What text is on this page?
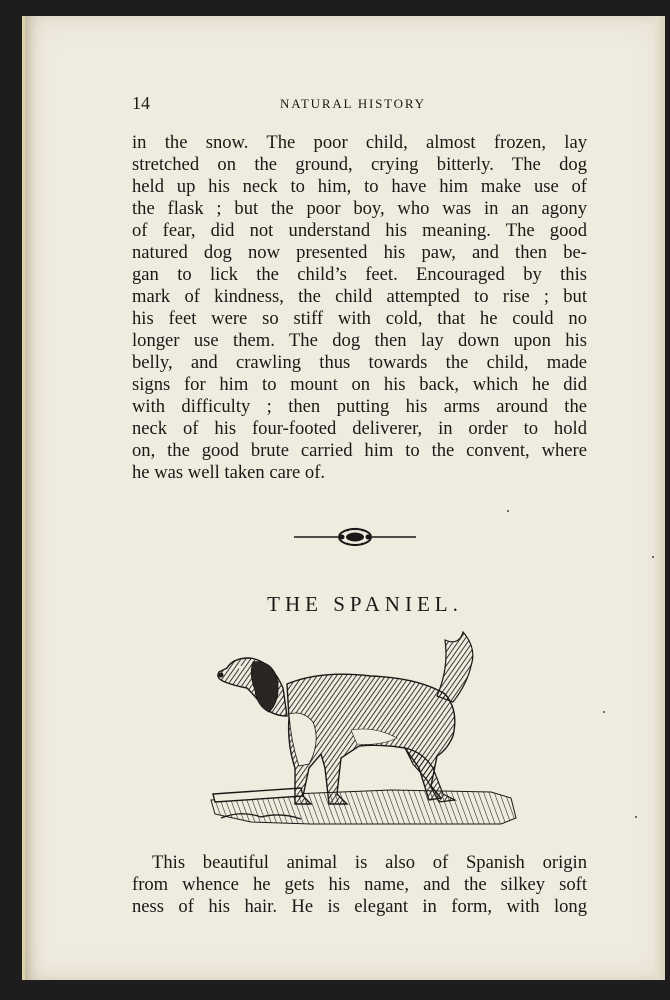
14	NATURAL HISTORY
in the snow. The poor child, almost frozen, lay
stretched on the ground, crying bitterly. The dog
held up his neck to him, to have him make use of
the flask ; but the poor boy, who was in an agony
of fear, did not understand his meaning. The good
natured dog now presented his paw, and then be-
gan to lick the child’s feet. Encouraged by this
mark of kindness, the child attempted to rise ; but
his feet were so stiff with cold, that he could no
longer use them. The dog then lay down upon his
belly, and crawling thus towards the child, made
signs for him to mount on his back, which he did
with difficulty ; then putting his arms around the
neck of his four-footed deliverer, in order to hold
on, the good brute carried him to the convent, where
he was well taken care of.
THE SPANIEL.
This beautiful animal is also of Spanish origin
from whence he gets his name, and the silkey soft
ness of his hair. He is elegant in form, with long
